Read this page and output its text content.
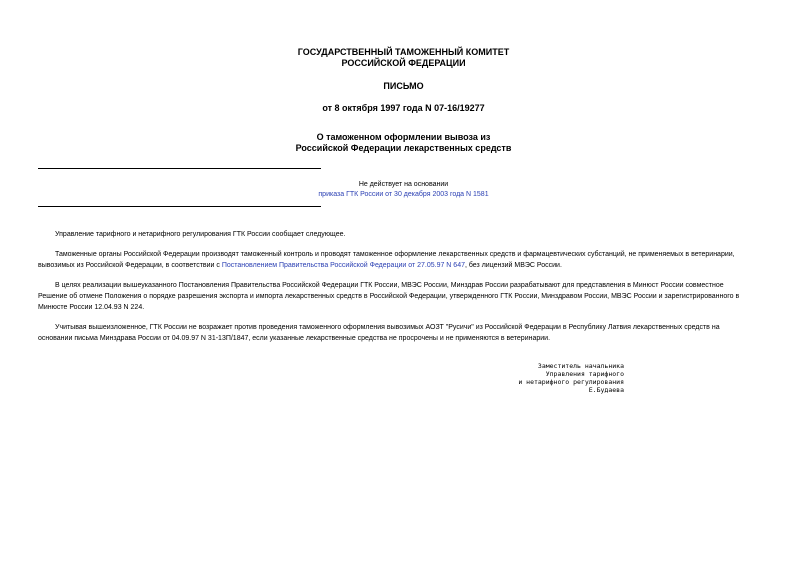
ГОСУДАРСТВЕННЫЙ ТАМОЖЕННЫЙ КОМИТЕТ
РОССИЙСКОЙ ФЕДЕРАЦИИ
ПИСЬМО
от 8 октября 1997 года N 07-16/19277
О таможенном оформлении вывоза из
Российской Федерации лекарственных средств
Не действует на основании
приказа ГТК России от 30 декабря 2003 года N 1581
Управление тарифного и нетарифного регулирования ГТК России сообщает следующее.
Таможенные органы Российской Федерации производят таможенный контроль и проводят таможенное оформление лекарственных средств и фармацевтических субстанций, не применяемых в ветеринарии,
вывозимых из Российской Федерации, в соответствии с Постановлением Правительства Российской Федерации от 27.05.97 N 647, без лицензий МВЭС России.
В целях реализации вышеуказанного Постановления Правительства Российской Федерации ГТК России, МВЭС России, Минздрав России разрабатывают для представления в Минюст России совместное
Решение об отмене Положения о порядке разрешения экспорта и импорта лекарственных средств в Российской Федерации, утвержденного ГТК России, Минздравом России, МВЭС России и зарегистрированного в
Минюсте России 12.04.93 N 224.
Учитывая вышеизложенное, ГТК России не возражает против проведения таможенного оформления вывозимых АОЗТ "Русичи" из Российской Федерации в Республику Латвия лекарственных средств на
основании письма Минздрава России от 04.09.97 N 31-13П/1847, если указанные лекарственные средства не просрочены и не применяются в ветеринарии.
Заместитель начальника
Управления тарифного
и нетарифного регулирования
Е.Будаева
